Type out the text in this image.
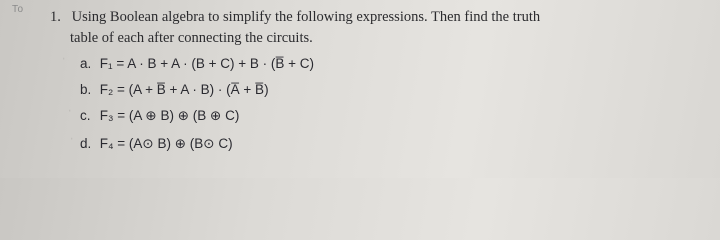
To
ˈ
ˈ
ˈ
1. Using Boolean algebra to simplify the following expressions. Then find the truth
table of each after connecting the circuits.
a. F₁ = A · B + A · (B + C) + B · (B̅ + C)
b. F₂ = (A + B̅ + A · B) · (A̅ + B̅)
c. F₃ = (A ⊕ B) ⊕ (B ⊕ C)
d. F₄ = (A⊙ B) ⊕ (B⊙ C)
